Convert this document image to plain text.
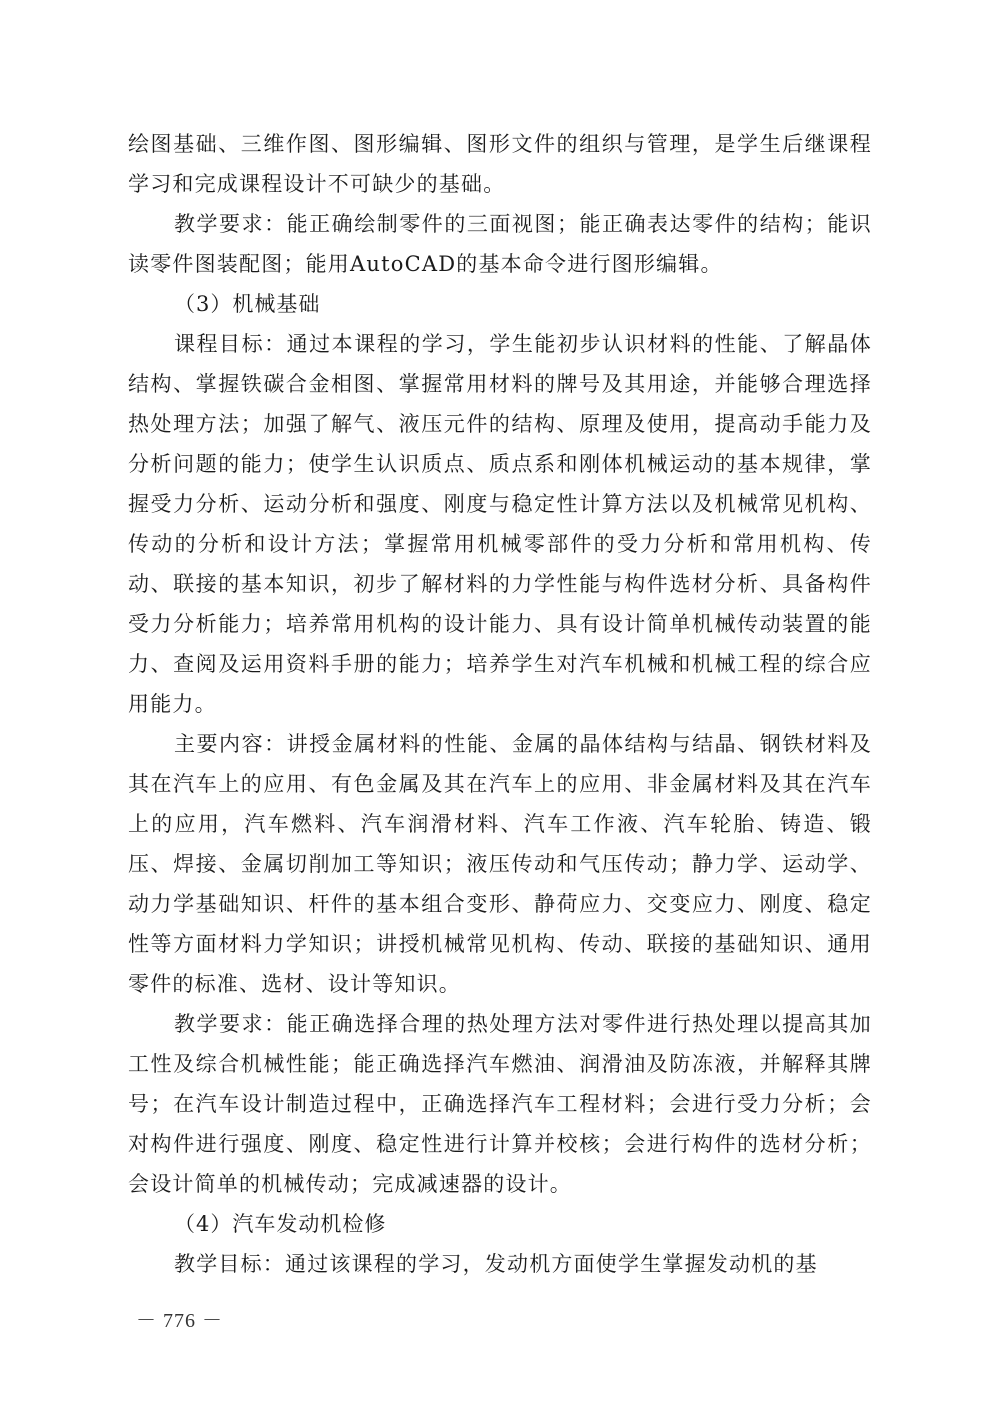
绘图基础、三维作图、图形编辑、图形文件的组织与管理，是学生后继课程学习和完成课程设计不可缺少的基础。

教学要求：能正确绘制零件的三面视图；能正确表达零件的结构；能识读零件图装配图；能用AutoCAD的基本命令进行图形编辑。

（3）机械基础

课程目标：通过本课程的学习，学生能初步认识材料的性能、了解晶体结构、掌握铁碳合金相图、掌握常用材料的牌号及其用途，并能够合理选择热处理方法；加强了解气、液压元件的结构、原理及使用，提高动手能力及分析问题的能力；使学生认识质点、质点系和刚体机械运动的基本规律，掌握受力分析、运动分析和强度、刚度与稳定性计算方法以及机械常见机构、传动的分析和设计方法；掌握常用机械零部件的受力分析和常用机构、传动、联接的基本知识，初步了解材料的力学性能与构件选材分析、具备构件受力分析能力；培养常用机构的设计能力、具有设计简单机械传动装置的能力、查阅及运用资料手册的能力；培养学生对汽车机械和机械工程的综合应用能力。

主要内容：讲授金属材料的性能、金属的晶体结构与结晶、钢铁材料及其在汽车上的应用、有色金属及其在汽车上的应用、非金属材料及其在汽车上的应用，汽车燃料、汽车润滑材料、汽车工作液、汽车轮胎、铸造、锻压、焊接、金属切削加工等知识；液压传动和气压传动；静力学、运动学、动力学基础知识、杆件的基本组合变形、静荷应力、交变应力、刚度、稳定性等方面材料力学知识；讲授机械常见机构、传动、联接的基础知识、通用零件的标准、选材、设计等知识。

教学要求：能正确选择合理的热处理方法对零件进行热处理以提高其加工性及综合机械性能；能正确选择汽车燃油、润滑油及防冻液，并解释其牌号；在汽车设计制造过程中，正确选择汽车工程材料；会进行受力分析；会对构件进行强度、刚度、稳定性进行计算并校核；会进行构件的选材分析；会设计简单的机械传动；完成减速器的设计。

（4）汽车发动机检修

教学目标：通过该课程的学习，发动机方面使学生掌握发动机的基

－ 776 －
